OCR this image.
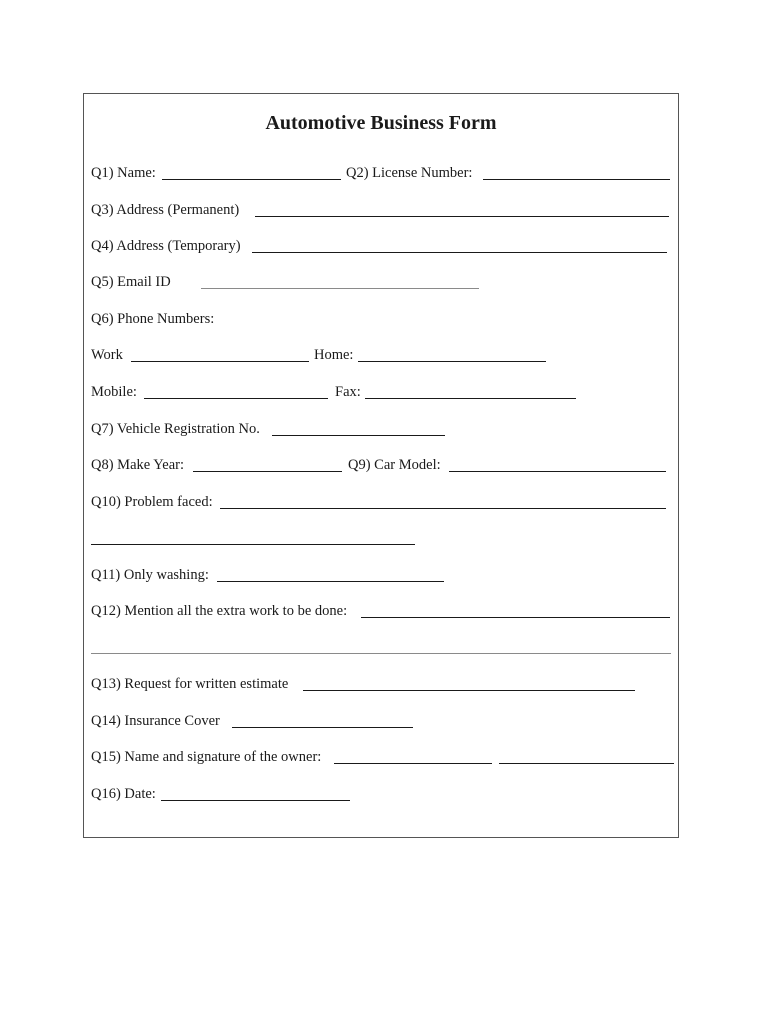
Automotive Business Form
Q1) Name:	Q2) License Number:
Q3) Address (Permanent)
Q4) Address (Temporary)
Q5) Email ID
Q6) Phone Numbers:
Work	Home:
Mobile:	Fax:
Q7) Vehicle Registration No.
Q8) Make Year:	Q9) Car Model:
Q10) Problem faced:
Q11) Only washing:
Q12) Mention all the extra work to be done:
Q13) Request for written estimate
Q14) Insurance Cover
Q15) Name and signature of the owner:
Q16) Date:
